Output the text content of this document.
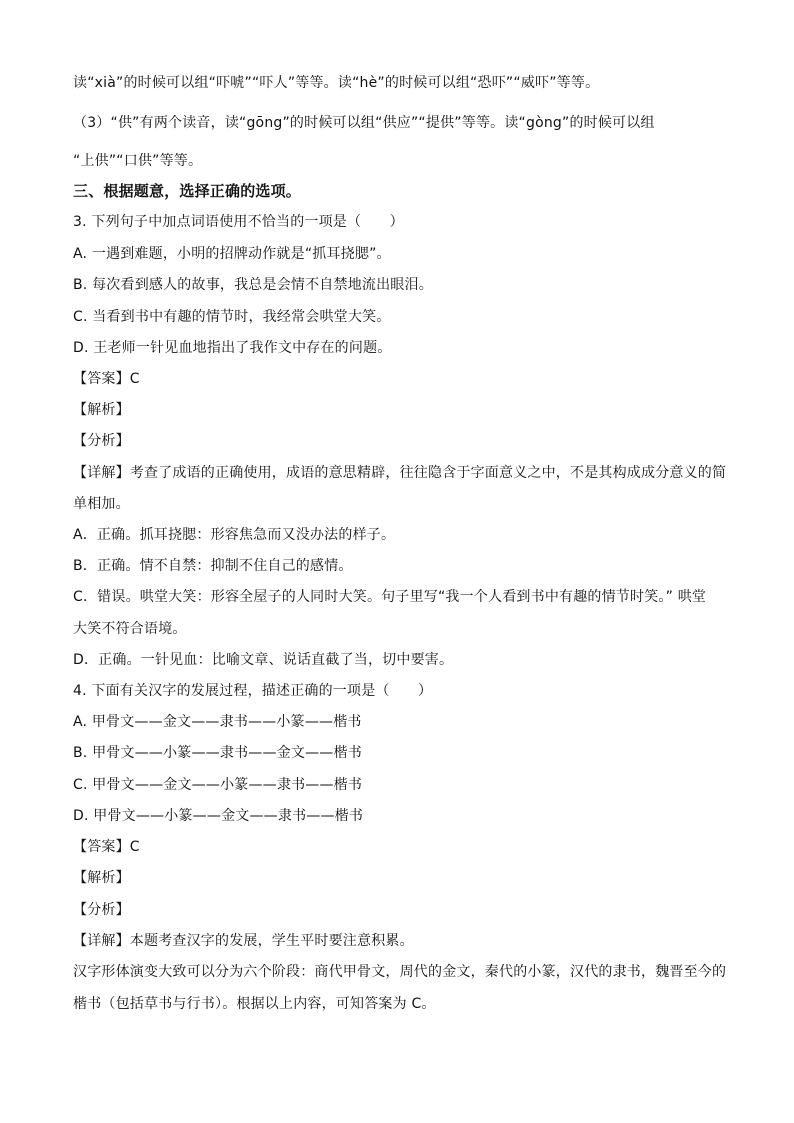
读“xià”的时候可以组“吓唬”“吓人”等等。读“hè”的时候可以组“恐吓”“威吓”等等。
（3）“供”有两个读音，读“gōng”的时候可以组“供应”“提供”等等。读“gòng”的时候可以组
“上供”“口供”等等。
三、根据题意，选择正确的选项。
3. 下列句子中加点词语使用不恰当的一项是（　　）
A. 一遇到难题，小明的招牌动作就是“抓耳挠腮”。
B. 每次看到感人的故事，我总是会情不自禁地流出眼泪。
C. 当看到书中有趣的情节时，我经常会哄堂大笑。
D. 王老师一针见血地指出了我作文中存在的问题。
【答案】C
【解析】
【分析】
【详解】考查了成语的正确使用，成语的意思精辟，往往隐含于字面意义之中，不是其构成成分意义的简
单相加。
A．正确。抓耳挠腮：形容焦急而又没办法的样子。
B．正确。情不自禁：抑制不住自己的感情。
C．错误。哄堂大笑：形容全屋子的人同时大笑。句子里写“我一个人看到书中有趣的情节时笑。” 哄堂
大笑不符合语境。
D．正确。一针见血：比喻文章、说话直截了当，切中要害。
4. 下面有关汉字的发展过程，描述正确的一项是（　　）
A. 甲骨文——金文——隶书——小篆——楷书
B. 甲骨文——小篆——隶书——金文——楷书
C. 甲骨文——金文——小篆——隶书——楷书
D. 甲骨文——小篆——金文——隶书——楷书
【答案】C
【解析】
【分析】
【详解】本题考查汉字的发展，学生平时要注意积累。
汉字形体演变大致可以分为六个阶段：商代甲骨文，周代的金文，秦代的小篆，汉代的隶书，魏晋至今的
楷书（包括草书与行书）。根据以上内容，可知答案为 C。
